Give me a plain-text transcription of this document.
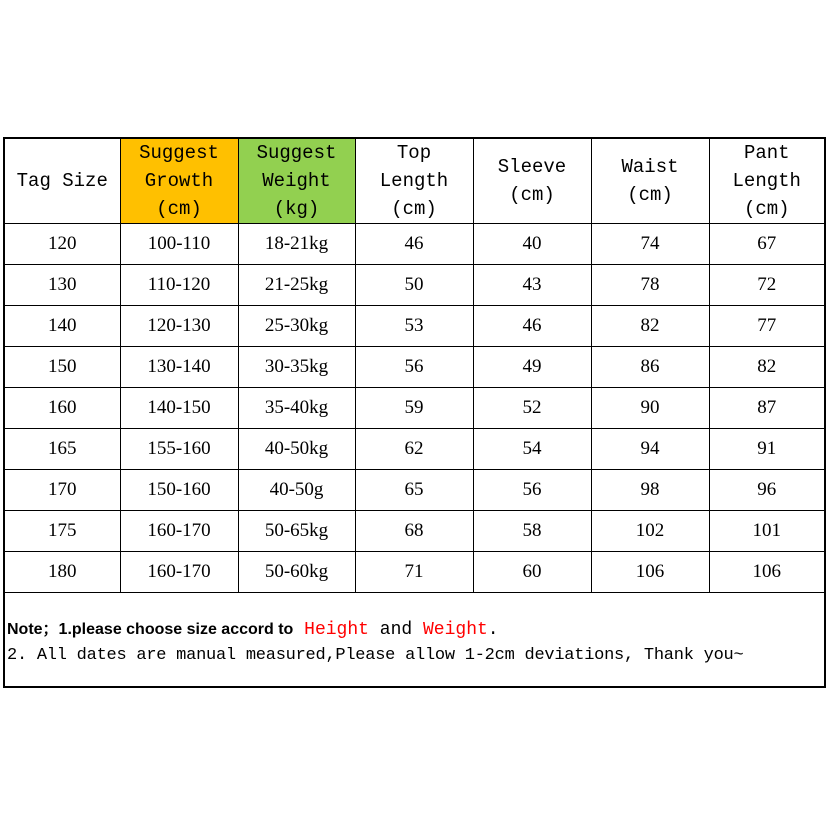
Tag Size	Suggest
Growth
(cm)	Suggest
Weight
(kg)	Top
Length
(cm)	Sleeve
(cm)	Waist
(cm)	Pant
Length
(cm)
120	100-110	18-21kg	46	40	74	67
130	110-120	21-25kg	50	43	78	72
140	120-130	25-30kg	53	46	82	77
150	130-140	30-35kg	56	49	86	82
160	140-150	35-40kg	59	52	90	87
165	155-160	40-50kg	62	54	94	91
170	150-160	40-50g	65	56	98	96
175	160-170	50-65kg	68	58	102	101
180	160-170	50-60kg	71	60	106	106
Note；1.please choose size accord to Height and Weight.
2. All dates are manual measured,Please allow 1-2cm deviations, Thank you~
